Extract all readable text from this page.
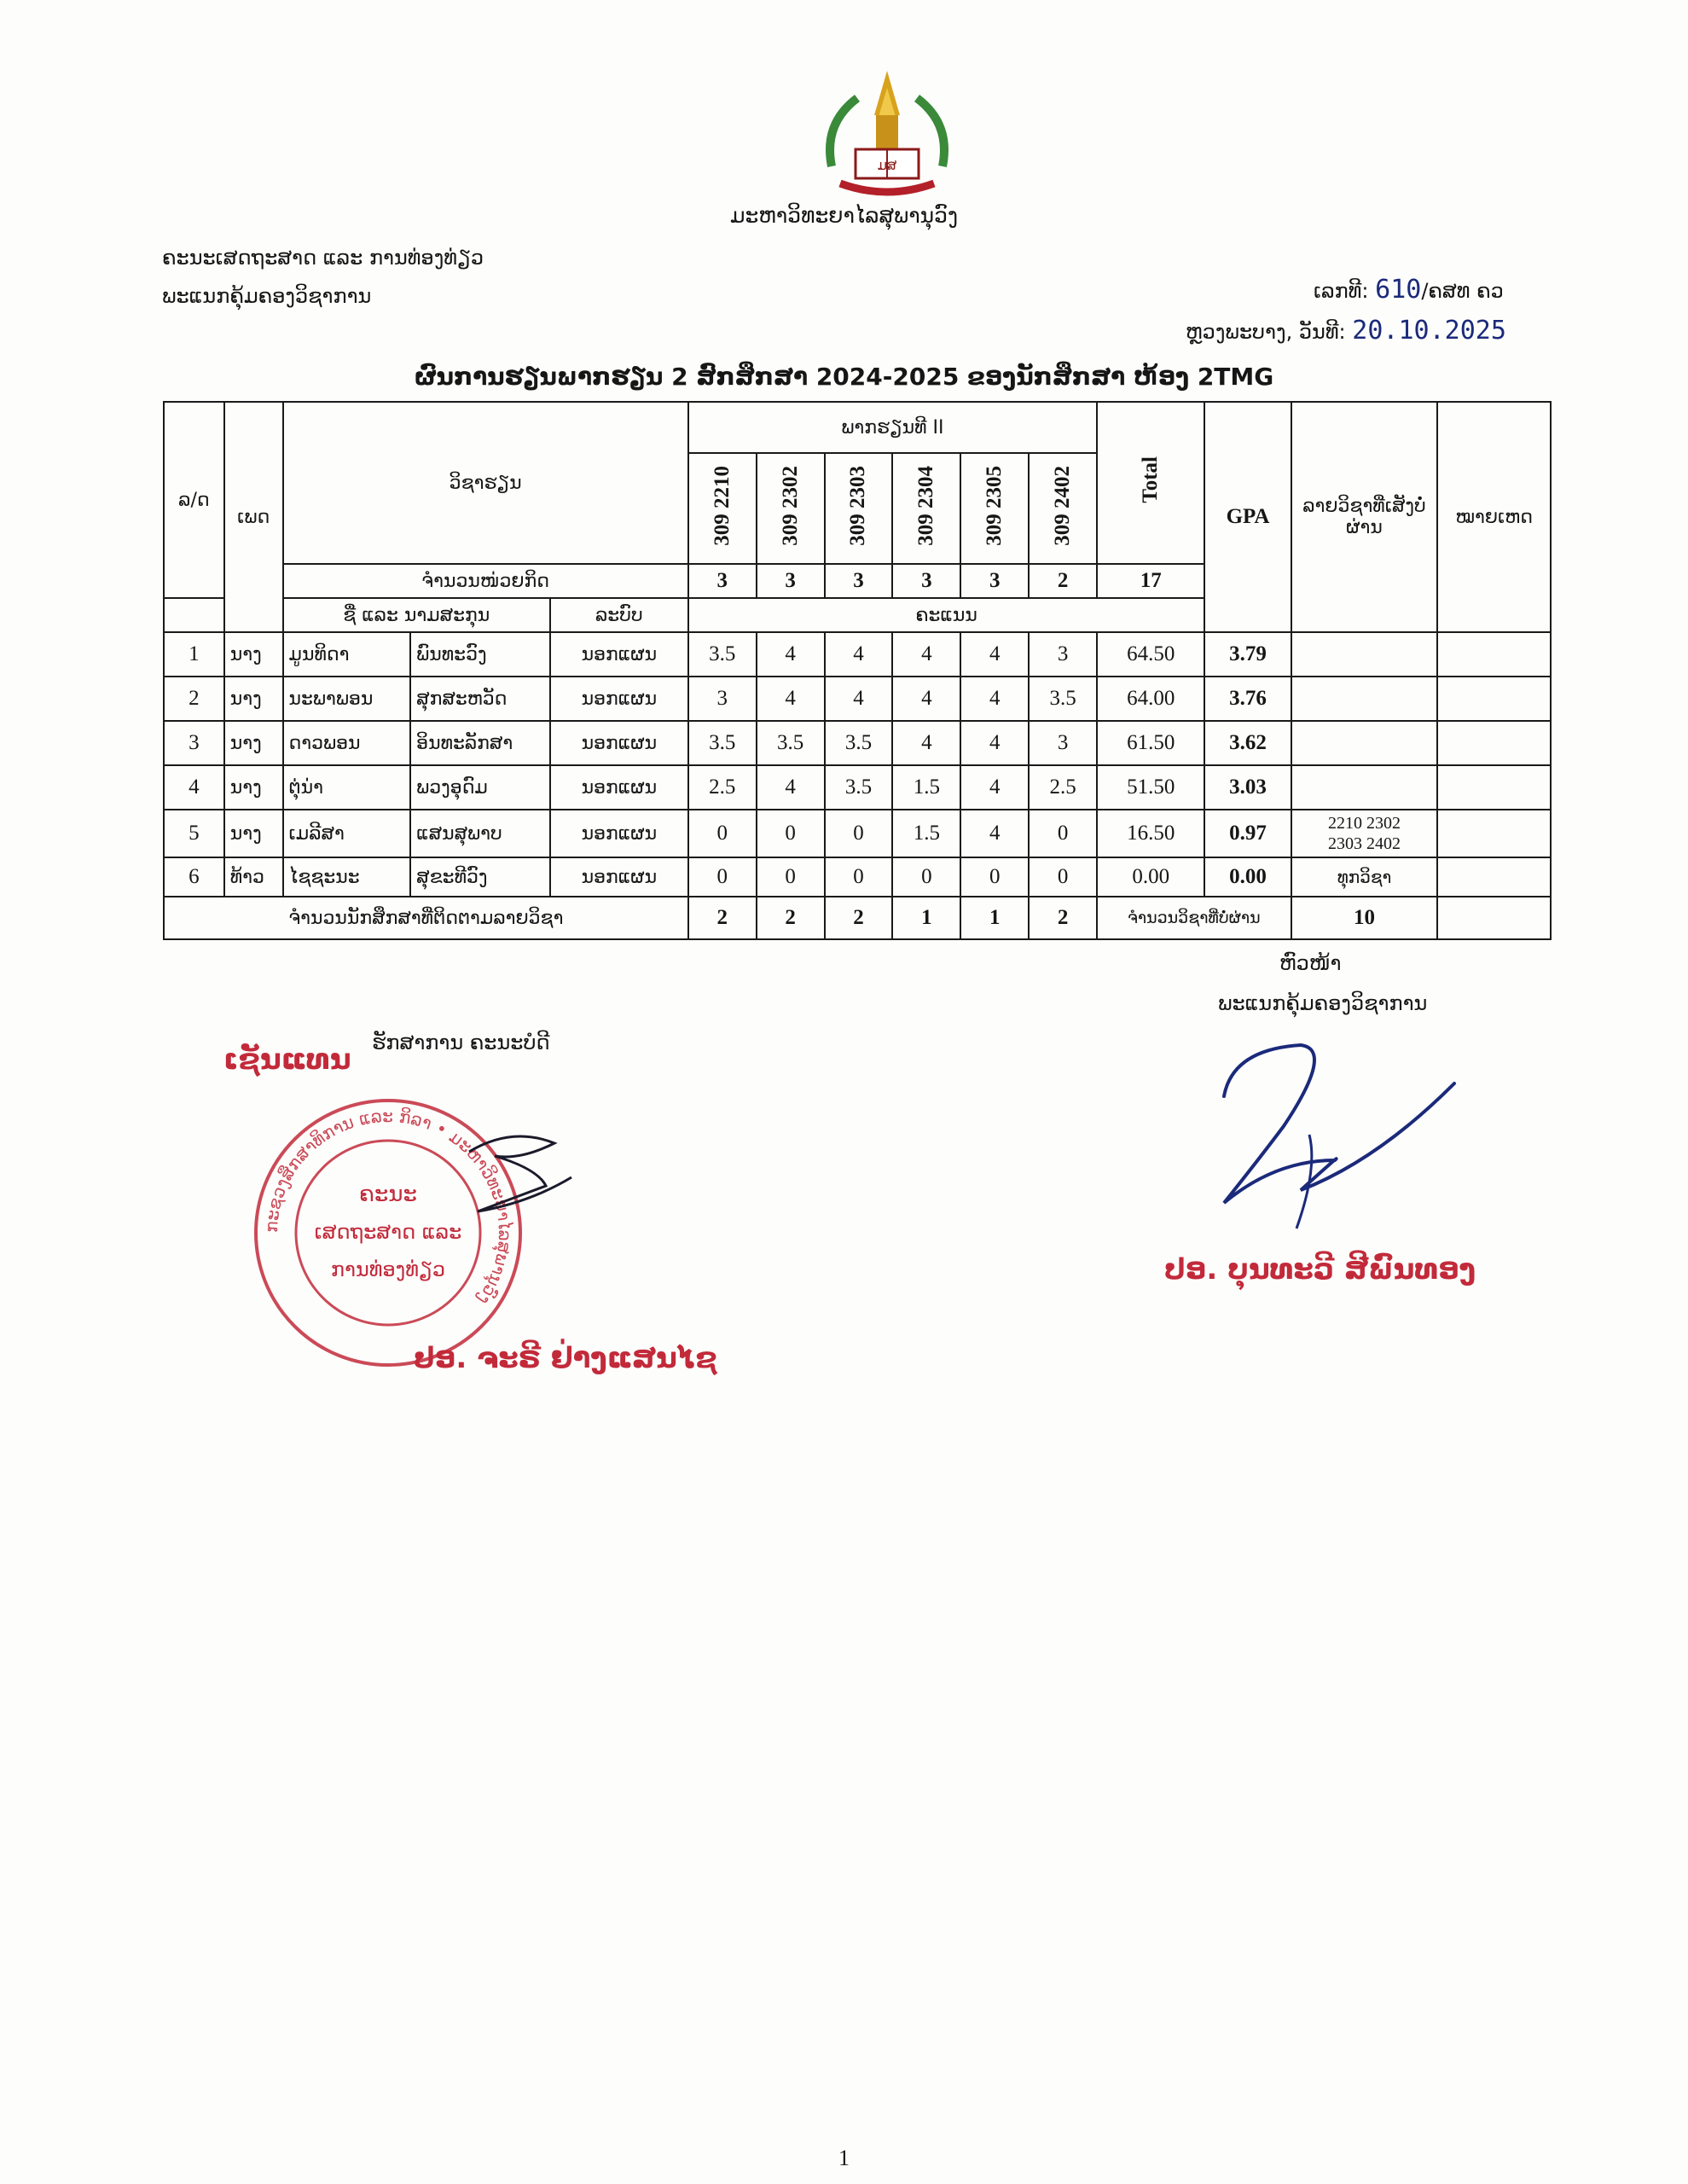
ມສ
ມະຫາວິທະຍາໄລສຸພານຸວົງ
ຄະນະເສດຖະສາດ ແລະ ການທ່ອງທ່ຽວ
ພະແນກຄຸ້ມຄອງວິຊາການ	ເລກທີ: 610/ຄສທ ຄວ
ຫຼວງພະບາງ, ວັນທີ: 20.10.2025
ຜົນການຮຽນພາກຮຽນ 2 ສົກສຶກສາ 2024-2025 ຂອງນັກສຶກສາ ຫ້ອງ 2TMG
ລ/ດ	ເພດ	ວິຊາຮຽນ			ພາກຮຽນທີ II						Total	GPA	ລາຍວິຊາທີ່ເສັງບໍ່ຜ່ານ	ໝາຍເຫດ
					309 2210	309 2302	309 2303	309 2304	309 2305	309 2402				
		ຈຳນວນໜ່ວຍກິດ			3	3	3	3	3	2	17			
		ຊື່ ແລະ ນາມສະກຸນ		ລະບົບ	ຄະແນນ									
1	ນາງ	ມູນທິດາ	ພົນທະວົງ	ນອກແຜນ	3.5	4	4	4	4	3	64.50	3.79		
2	ນາງ	ນະພາພອນ	ສຸກສະຫວັດ	ນອກແຜນ	3	4	4	4	4	3.5	64.00	3.76		
3	ນາງ	ດາວພອນ	ອິນທະລັກສາ	ນອກແຜນ	3.5	3.5	3.5	4	4	3	61.50	3.62		
4	ນາງ	ຕຸ່ນ່າ	ພວງອຸດົມ	ນອກແຜນ	2.5	4	3.5	1.5	4	2.5	51.50	3.03		
5	ນາງ	ເມລີສາ	ແສນສຸພາບ	ນອກແຜນ	0	0	0	1.5	4	0	16.50	0.97	2210 2302
2303 2402	

6	ທ້າວ	ໄຊຊະນະ	ສຸຂະທີວົງ	ນອກແຜນ	0	0	0	0	0	0	0.00	0.00	ທຸກວິຊາ	
ຈຳນວນນັກສຶກສາທີ່ຕິດຕາມລາຍວິຊາ					2	2	2	1	1	2	ຈຳນວນວິຊາທີ່ບໍ່ຜ່ານ		10	
ຫົວໜ້າ
ພະແນກຄຸ້ມຄອງວິຊາການ
ປອ. ບຸນທະວີ ສີພົນທອງ
ເຊັນແທນ ຮັກສາການ ຄະນະບໍດີ
ກະຊວງສຶກສາທິການ ແລະ ກິລາ • ມະຫາວິທະຍາໄລສຸພານຸວົງ
ຄະນະ
ເສດຖະສາດ ແລະ
ການທ່ອງທ່ຽວ
ປອ. ຈະຣີ ຢ່າງແສນໄຊ
1
